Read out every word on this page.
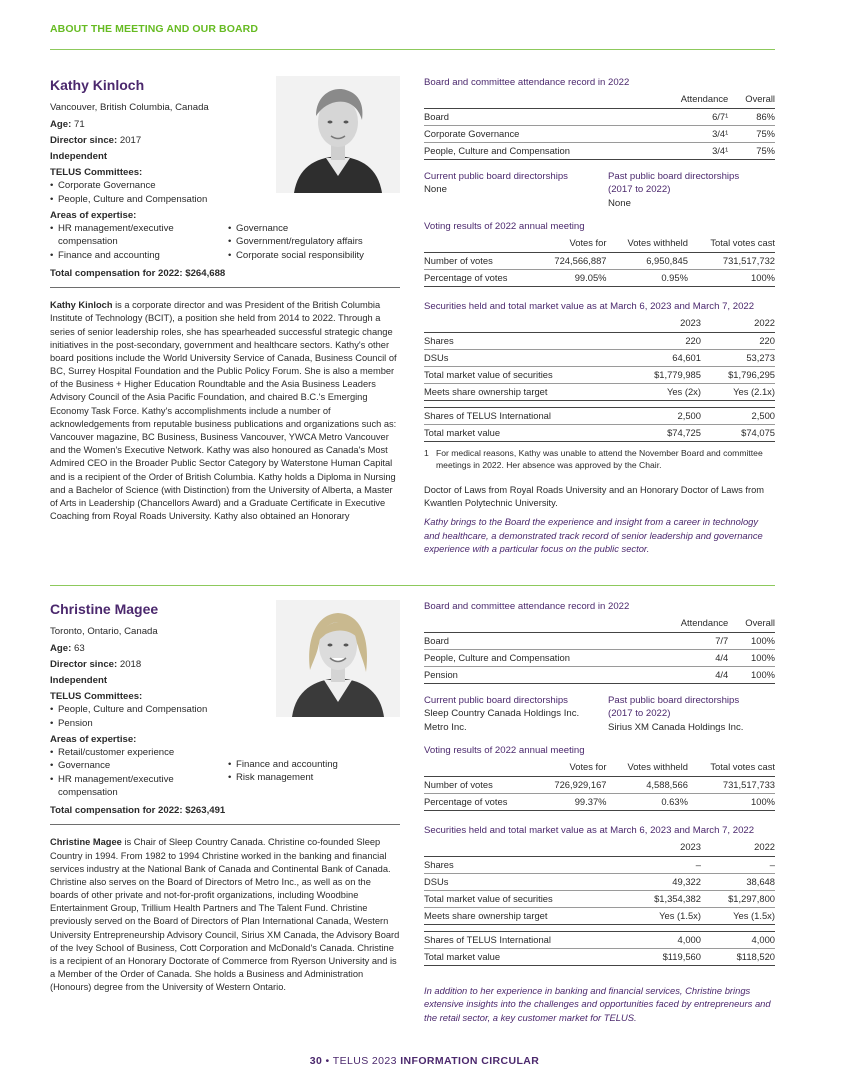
ABOUT THE MEETING AND OUR BOARD
Kathy Kinloch
Vancouver, British Columbia, Canada
Age: 71
Director since: 2017
Independent
TELUS Committees:
• Corporate Governance
• People, Culture and Compensation
Areas of expertise:
• HR management/executive compensation
• Finance and accounting
• Governance
• Government/regulatory affairs
• Corporate social responsibility
Total compensation for 2022: $264,688
Kathy Kinloch is a corporate director and was President of the British Columbia Institute of Technology (BCIT), a position she held from 2014 to 2022. Through a series of senior leadership roles, she has spearheaded successful strategic change initiatives in the post-secondary, government and healthcare sectors. Kathy's other board positions include the World University Service of Canada, Business Council of BC, Surrey Hospital Foundation and the Public Policy Forum. She is also a member of the Business + Higher Education Roundtable and the Asia Business Leaders Advisory Council of the Asia Pacific Foundation, and chaired B.C.'s Emerging Economy Task Force. Kathy's accomplishments include a number of acknowledgements from reputable business publications and organizations such as: Vancouver magazine, BC Business, Business Vancouver, YWCA Metro Vancouver and the Women's Executive Network. Kathy was also honoured as Canada's Most Admired CEO in the Broader Public Sector Category by Waterstone Human Capital and is a recipient of the Order of British Columbia. Kathy holds a Diploma in Nursing and a Bachelor of Science (with Distinction) from the University of Alberta, a Master of Arts in Leadership (Chancellors Award) and a Graduate Certificate in Executive Coaching from Royal Roads University. Kathy also obtained an Honorary
Board and committee attendance record in 2022
	Attendance	Overall
Board	6/7¹	86%
Corporate Governance	3/4¹	75%
People, Culture and Compensation	3/4¹	75%
Current public board directorships
None
Past public board directorships
(2017 to 2022)
None
Voting results of 2022 annual meeting
	Votes for	Votes withheld	Total votes cast
Number of votes	724,566,887	6,950,845	731,517,732
Percentage of votes	99.05%	0.95%	100%
Securities held and total market value as at March 6, 2023 and March 7, 2022
	2023	2022
Shares	220	220
DSUs	64,601	53,273
Total market value of securities	$1,779,985	$1,796,295
Meets share ownership target	Yes (2x)	Yes (2.1x)

Shares of TELUS International	2,500	2,500
Total market value	$74,725	$74,075
1 For medical reasons, Kathy was unable to attend the November Board and committee meetings in 2022. Her absence was approved by the Chair.
Doctor of Laws from Royal Roads University and an Honorary Doctor of Laws from Kwantlen Polytechnic University.
Kathy brings to the Board the experience and insight from a career in technology and healthcare, a demonstrated track record of senior leadership and governance experience with a particular focus on the public sector.
Christine Magee
Toronto, Ontario, Canada
Age: 63
Director since: 2018
Independent
TELUS Committees:
• People, Culture and Compensation
• Pension
Areas of expertise:
• Retail/customer experience
• Governance
• HR management/executive compensation
• Finance and accounting
• Risk management
Total compensation for 2022: $263,491
Christine Magee is Chair of Sleep Country Canada. Christine co-founded Sleep Country in 1994. From 1982 to 1994 Christine worked in the banking and financial services industry at the National Bank of Canada and Continental Bank of Canada. Christine also serves on the Board of Directors of Metro Inc., as well as on the boards of other private and not-for-profit organizations, including Woodbine Entertainment Group, Trillium Health Partners and The Talent Fund. Christine previously served on the Board of Directors of Plan International Canada, Western University Entrepreneurship Advisory Council, Sirius XM Canada, the Advisory Board of the Ivey School of Business, Cott Corporation and McDonald's Canada. Christine is a recipient of an Honorary Doctorate of Commerce from Ryerson University and is a Member of the Order of Canada. She holds a Business and Administration (Honours) degree from the University of Western Ontario.
Board and committee attendance record in 2022
	Attendance	Overall
Board	7/7	100%
People, Culture and Compensation	4/4	100%
Pension	4/4	100%
Current public board directorships
Sleep Country Canada Holdings Inc.
Metro Inc.
Past public board directorships
(2017 to 2022)
Sirius XM Canada Holdings Inc.
Voting results of 2022 annual meeting
	Votes for	Votes withheld	Total votes cast
Number of votes	726,929,167	4,588,566	731,517,733
Percentage of votes	99.37%	0.63%	100%
Securities held and total market value as at March 6, 2023 and March 7, 2022
	2023	2022
Shares	–	–
DSUs	49,322	38,648
Total market value of securities	$1,354,382	$1,297,800
Meets share ownership target	Yes (1.5x)	Yes (1.5x)

Shares of TELUS International	4,000	4,000
Total market value	$119,560	$118,520
In addition to her experience in banking and financial services, Christine brings extensive insights into the challenges and opportunities faced by entrepreneurs and the retail sector, a key customer market for TELUS.
30 • TELUS 2023 INFORMATION CIRCULAR
